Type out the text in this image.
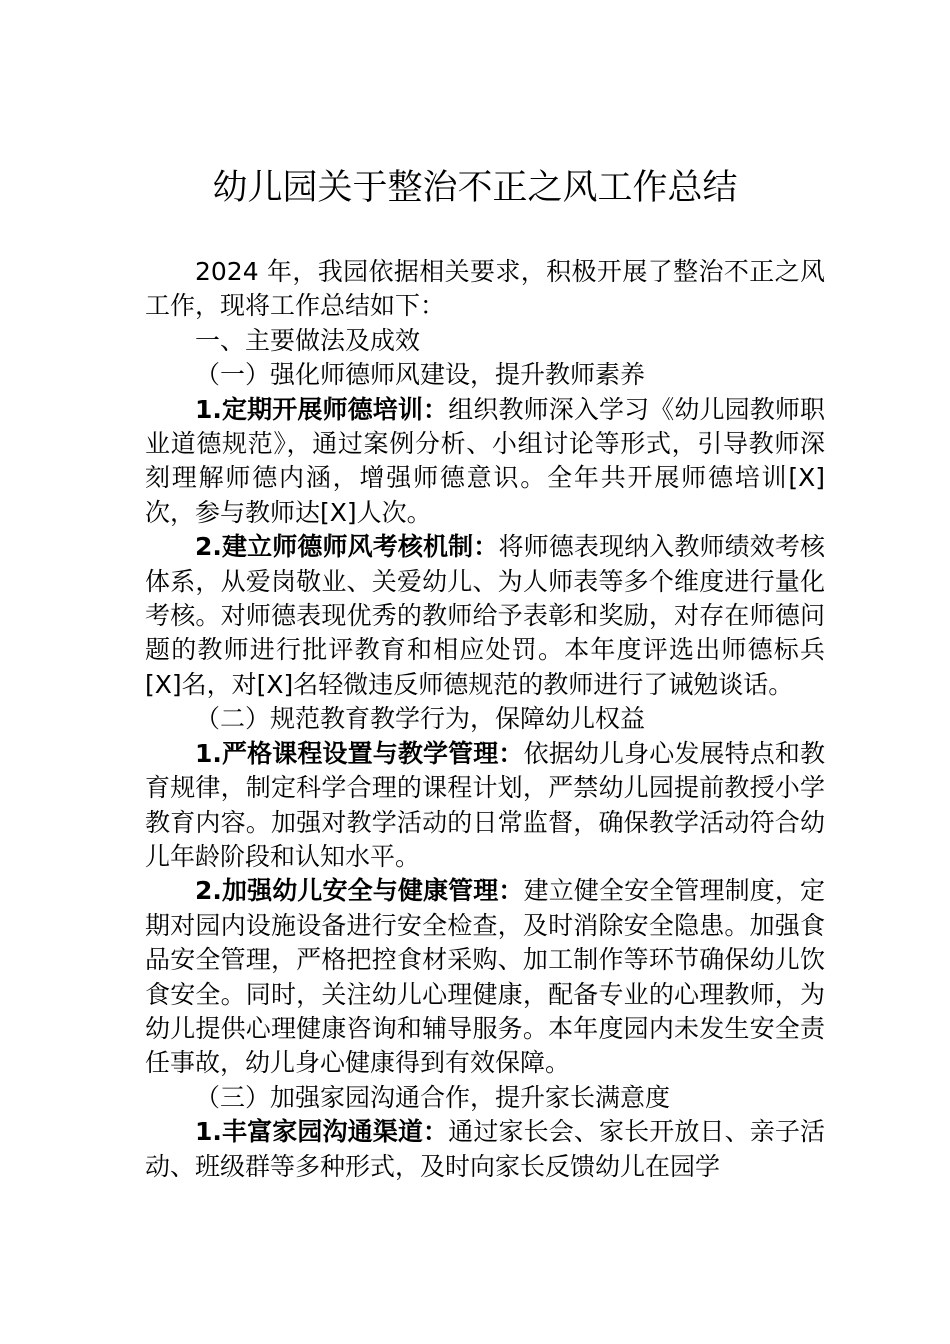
幼儿园关于整治不正之风工作总结

2024 年，我园依据相关要求，积极开展了整治不正之风工作，现将工作总结如下：

一、主要做法及成效

（一）强化师德师风建设，提升教师素养

1.定期开展师德培训：组织教师深入学习《幼儿园教师职业道德规范》，通过案例分析、小组讨论等形式，引导教师深刻理解师德内涵，增强师德意识。全年共开展师德培训[X]次，参与教师达[X]人次。

2.建立师德师风考核机制：将师德表现纳入教师绩效考核体系，从爱岗敬业、关爱幼儿、为人师表等多个维度进行量化考核。对师德表现优秀的教师给予表彰和奖励，对存在师德问题的教师进行批评教育和相应处罚。本年度评选出师德标兵[X]名，对[X]名轻微违反师德规范的教师进行了诫勉谈话。

（二）规范教育教学行为，保障幼儿权益

1.严格课程设置与教学管理：依据幼儿身心发展特点和教育规律，制定科学合理的课程计划，严禁幼儿园提前教授小学教育内容。加强对教学活动的日常监督，确保教学活动符合幼儿年龄阶段和认知水平。

2.加强幼儿安全与健康管理：建立健全安全管理制度，定期对园内设施设备进行安全检查，及时消除安全隐患。加强食品安全管理，严格把控食材采购、加工制作等环节确保幼儿饮食安全。同时，关注幼儿心理健康，配备专业的心理教师，为幼儿提供心理健康咨询和辅导服务。本年度园内未发生安全责任事故，幼儿身心健康得到有效保障。

（三）加强家园沟通合作，提升家长满意度

1.丰富家园沟通渠道：通过家长会、家长开放日、亲子活动、班级群等多种形式，及时向家长反馈幼儿在园学
